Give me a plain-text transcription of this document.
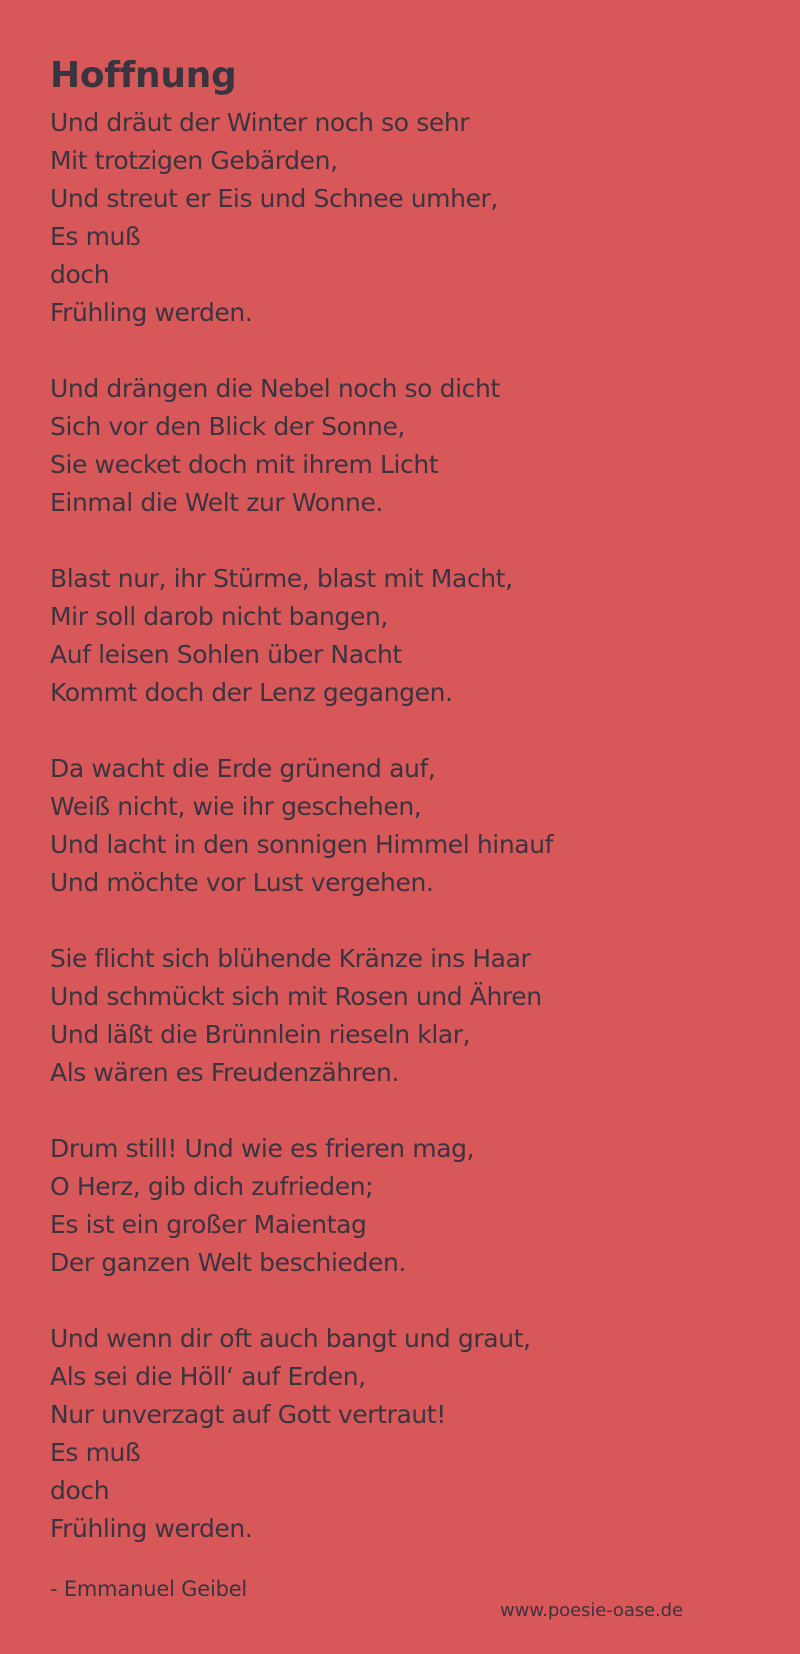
Hoffnung
Und dräut der Winter noch so sehr
Mit trotzigen Gebärden,
Und streut er Eis und Schnee umher,
Es muß
doch
Frühling werden.
Und drängen die Nebel noch so dicht
Sich vor den Blick der Sonne,
Sie wecket doch mit ihrem Licht
Einmal die Welt zur Wonne.
Blast nur, ihr Stürme, blast mit Macht,
Mir soll darob nicht bangen,
Auf leisen Sohlen über Nacht
Kommt doch der Lenz gegangen.
Da wacht die Erde grünend auf,
Weiß nicht, wie ihr geschehen,
Und lacht in den sonnigen Himmel hinauf
Und möchte vor Lust vergehen.
Sie flicht sich blühende Kränze ins Haar
Und schmückt sich mit Rosen und Ähren
Und läßt die Brünnlein rieseln klar,
Als wären es Freudenzähren.
Drum still! Und wie es frieren mag,
O Herz, gib dich zufrieden;
Es ist ein großer Maientag
Der ganzen Welt beschieden.
Und wenn dir oft auch bangt und graut,
Als sei die Höll‘ auf Erden,
Nur unverzagt auf Gott vertraut!
Es muß
doch
Frühling werden.
- Emmanuel Geibel
www.poesie-oase.de
